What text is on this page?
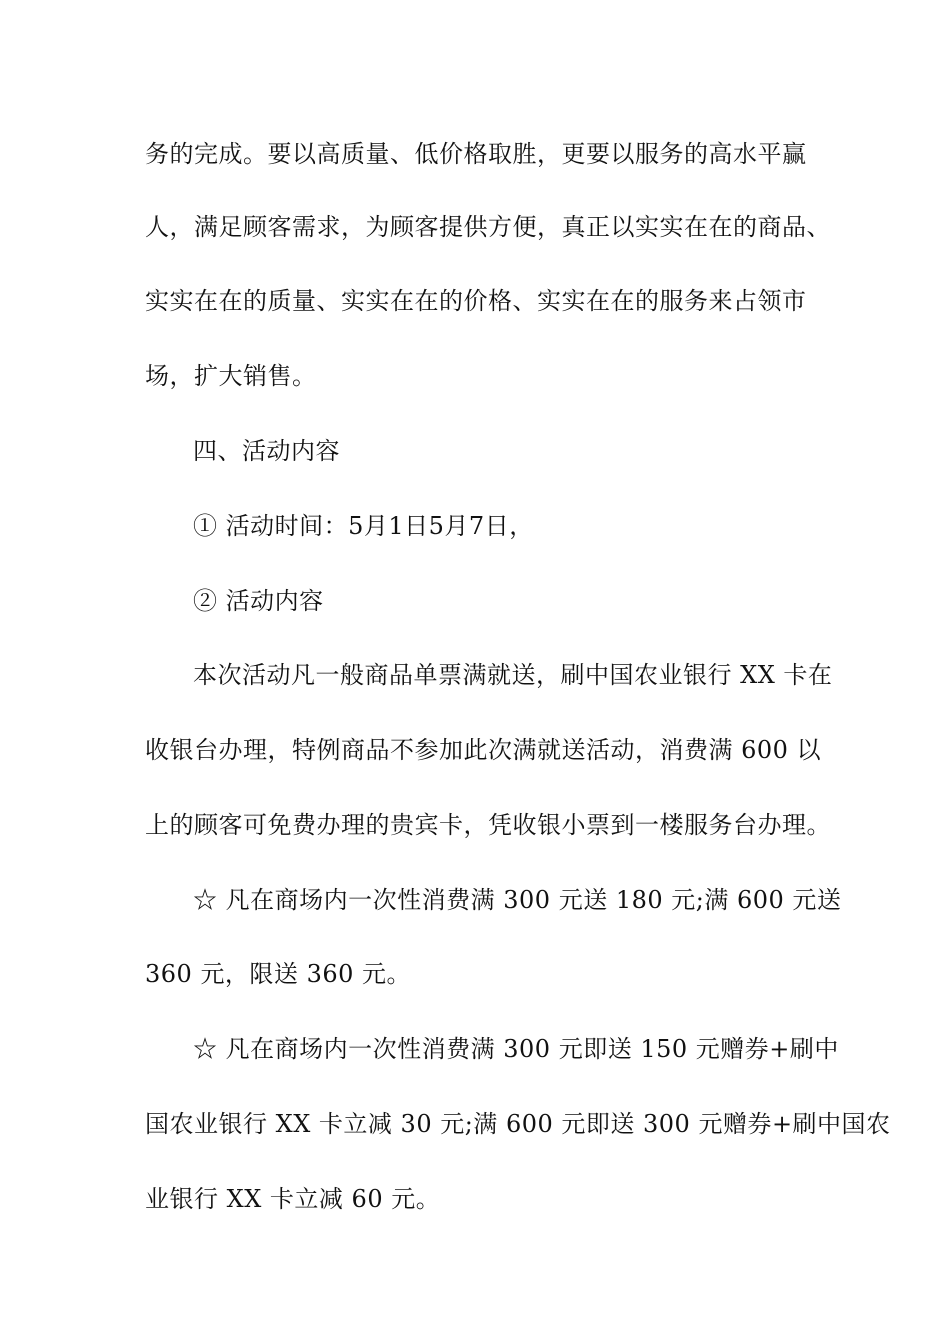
务的完成。要以高质量、低价格取胜，更要以服务的高水平赢
人，满足顾客需求，为顾客提供方便，真正以实实在在的商品、
实实在在的质量、实实在在的价格、实实在在的服务来占领市
场，扩大销售。
四、活动内容
① 活动时间：5月1日5月7日，
② 活动内容
本次活动凡一般商品单票满就送，刷中国农业银行 XX 卡在
收银台办理，特例商品不参加此次满就送活动，消费满 600 以
上的顾客可免费办理的贵宾卡，凭收银小票到一楼服务台办理。
☆ 凡在商场内一次性消费满 300 元送 180 元;满 600 元送
360 元，限送 360 元。
☆ 凡在商场内一次性消费满 300 元即送 150 元赠券+刷中
国农业银行 XX 卡立减 30 元;满 600 元即送 300 元赠券+刷中国农
业银行 XX 卡立减 60 元。
